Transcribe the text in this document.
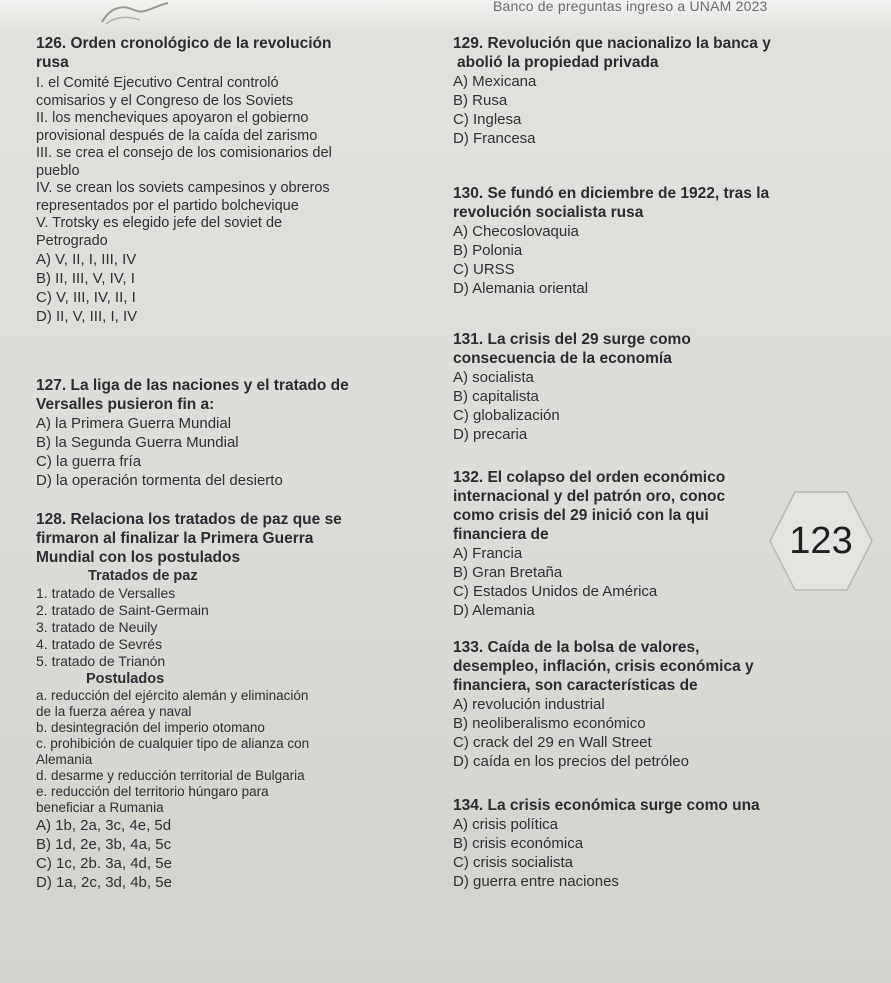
Banco de preguntas ingreso a UNAM 2023
126. Orden cronológico de la revolución
rusa
I. el Comité Ejecutivo Central controló
comisarios y el Congreso de los Soviets
II. los mencheviques apoyaron el gobierno
provisional después de la caída del zarismo
III. se crea el consejo de los comisionarios del
pueblo
IV. se crean los soviets campesinos y obreros
representados por el partido bolchevique
V. Trotsky es elegido jefe del soviet de
Petrogrado
A) V, II, I, III, IV
B) II, III, V, IV, I
C) V, III, IV, II, I
D) II, V, III, I, IV
127. La liga de las naciones y el tratado de
Versalles pusieron fin a:
A) la Primera Guerra Mundial
B) la Segunda Guerra Mundial
C) la guerra fría
D) la operación tormenta del desierto
128. Relaciona los tratados de paz que se
firmaron al finalizar la Primera Guerra
Mundial con los postulados
Tratados de paz
1. tratado de Versalles
2. tratado de Saint-Germain
3. tratado de Neuily
4. tratado de Sevrés
5. tratado de Trianón
Postulados
a. reducción del ejército alemán y eliminación
de la fuerza aérea y naval
b. desintegración del imperio otomano
c. prohibición de cualquier tipo de alianza con
Alemania
d. desarme y reducción territorial de Bulgaria
e. reducción del territorio húngaro para
beneficiar a Rumania
A) 1b, 2a, 3c, 4e, 5d
B) 1d, 2e, 3b, 4a, 5c
C) 1c, 2b. 3a, 4d, 5e
D) 1a, 2c, 3d, 4b, 5e
129. Revolución que nacionalizo la banca y
abolió la propiedad privada
A) Mexicana
B) Rusa
C) Inglesa
D) Francesa
130. Se fundó en diciembre de 1922, tras la
revolución socialista rusa
A) Checoslovaquia
B) Polonia
C) URSS
D) Alemania oriental
131. La crisis del 29 surge como
consecuencia de la economía
A) socialista
B) capitalista
C) globalización
D) precaria
132. El colapso del orden económico
internacional y del patrón oro, conoc
como crisis del 29 inició con la qui
financiera de
A) Francia
B) Gran Bretaña
C) Estados Unidos de América
D) Alemania
133. Caída de la bolsa de valores,
desempleo, inflación, crisis económica y
financiera, son características de
A) revolución industrial
B) neoliberalismo económico
C) crack del 29 en Wall Street
D) caída en los precios del petróleo
134. La crisis económica surge como una
A) crisis política
B) crisis económica
C) crisis socialista
D) guerra entre naciones
123
